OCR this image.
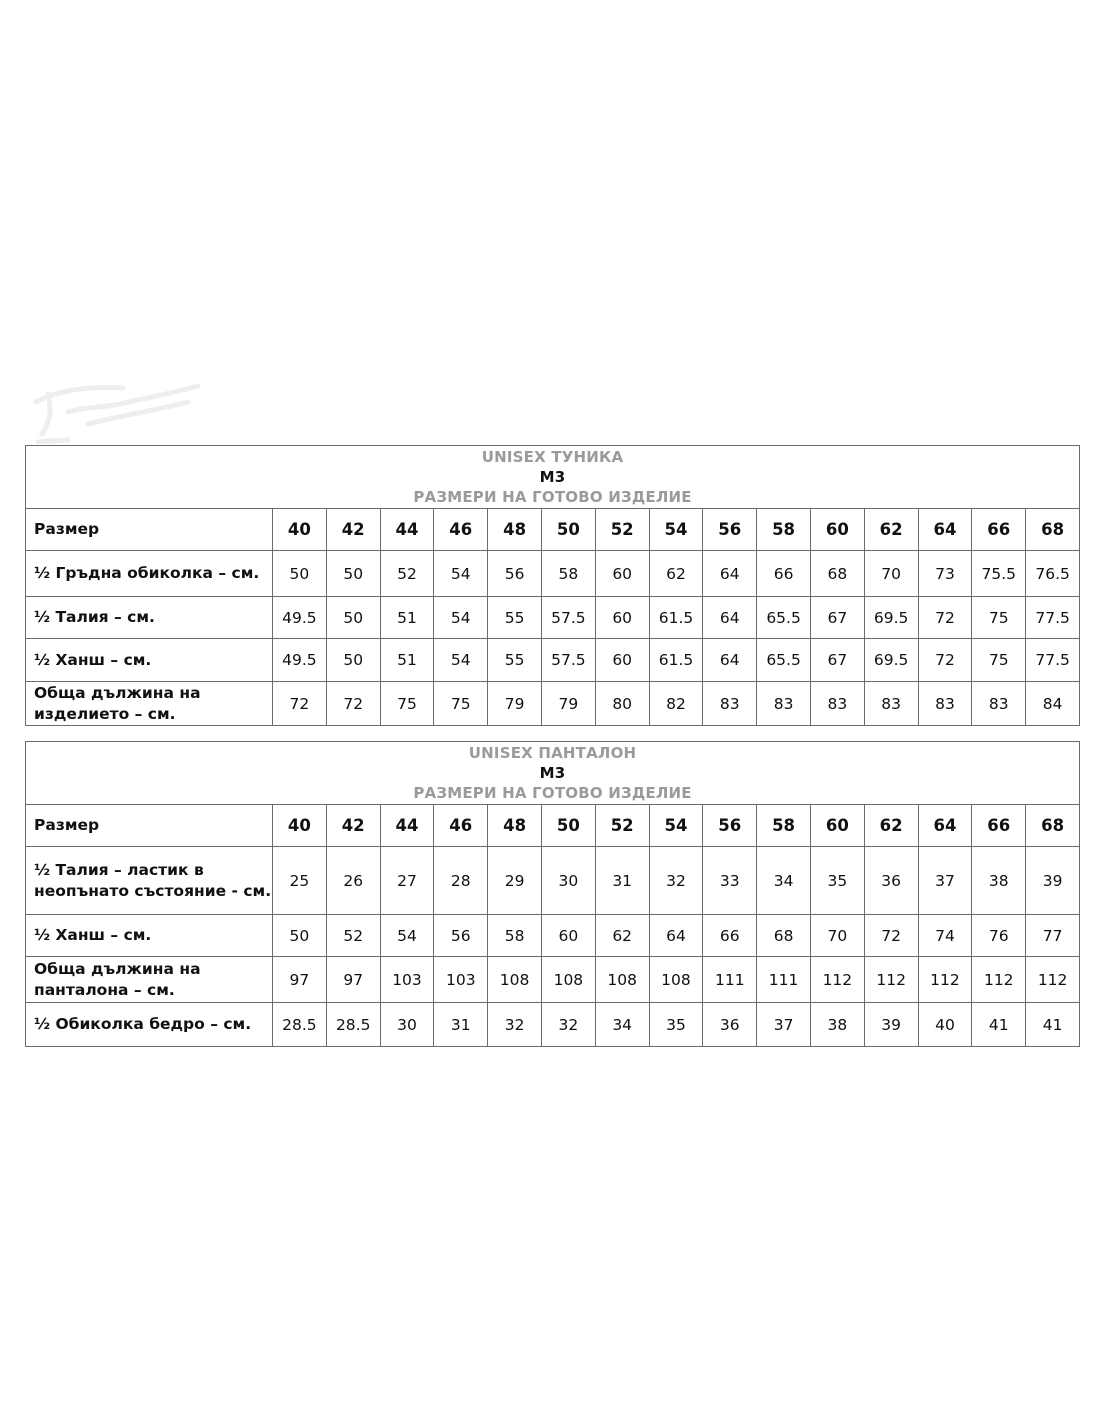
UNISEX ТУНИКА
M3
РАЗМЕРИ НА ГОТОВО ИЗДЕЛИЕ															

Размер	40	42	44	46	48	50	52	54	56	58	60	62	64	66	68
½ Гръдна обиколка – см.	50	50	52	54	56	58	60	62	64	66	68	70	73	75.5	76.5
½ Талия – см.	49.5	50	51	54	55	57.5	60	61.5	64	65.5	67	69.5	72	75	77.5
½ Ханш – см.	49.5	50	51	54	55	57.5	60	61.5	64	65.5	67	69.5	72	75	77.5
Обща дължина на изделието – см.	72	72	75	75	79	79	80	82	83	83	83	83	83	83	84
UNISEX ПАНТАЛОН
M3
РАЗМЕРИ НА ГОТОВО ИЗДЕЛИЕ															

Размер	40	42	44	46	48	50	52	54	56	58	60	62	64	66	68
½ Талия – ластик в неопънато състояние - см.	25	26	27	28	29	30	31	32	33	34	35	36	37	38	39
½ Ханш – см.	50	52	54	56	58	60	62	64	66	68	70	72	74	76	77
Обща дължина на панталона – см.	97	97	103	103	108	108	108	108	111	111	112	112	112	112	112
½ Обиколка бедро – см.	28.5	28.5	30	31	32	32	34	35	36	37	38	39	40	41	41
